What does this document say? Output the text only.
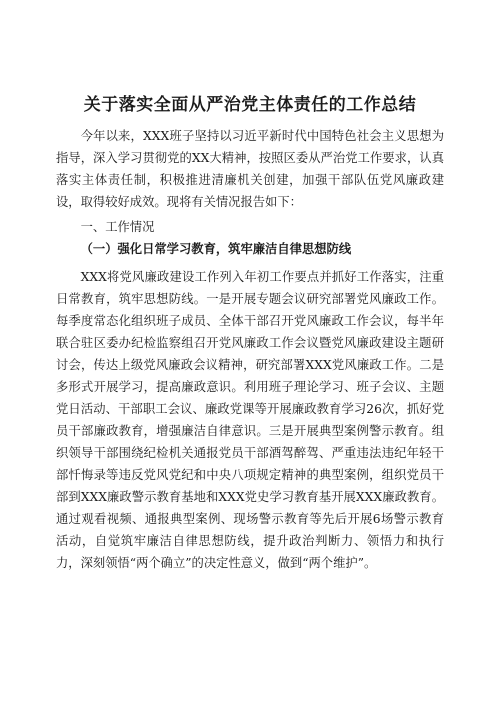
关于落实全面从严治党主体责任的工作总结

今年以来，XXX班子坚持以习近平新时代中国特色社会主义思想为指导，深入学习贯彻党的XX大精神，按照区委从严治党工作要求，认真落实主体责任制，积极推进清廉机关创建，加强干部队伍党风廉政建设，取得较好成效。现将有关情况报告如下：

一、工作情况
（一）强化日常学习教育，筑牢廉洁自律思想防线

XXX将党风廉政建设工作列入年初工作要点并抓好工作落实，注重日常教育，筑牢思想防线。一是开展专题会议研究部署党风廉政工作。每季度常态化组织班子成员、全体干部召开党风廉政工作会议，每半年联合驻区委办纪检监察组召开党风廉政工作会议暨党风廉政建设主题研讨会，传达上级党风廉政会议精神，研究部署XXX党风廉政工作。二是多形式开展学习，提高廉政意识。利用班子理论学习、班子会议、主题党日活动、干部职工会议、廉政党课等开展廉政教育学习26次，抓好党员干部廉政教育，增强廉洁自律意识。三是开展典型案例警示教育。组织领导干部围绕纪检机关通报党员干部酒驾醉驾、严重违法违纪年轻干部忏悔录等违反党风党纪和中央八项规定精神的典型案例，组织党员干部到XXX廉政警示教育基地和XXX党史学习教育基开展XXX廉政教育。通过观看视频、通报典型案例、现场警示教育等先后开展6场警示教育活动，自觉筑牢廉洁自律思想防线，提升政治判断力、领悟力和执行力，深刻领悟“两个确立”的决定性意义，做到“两个维护”。
